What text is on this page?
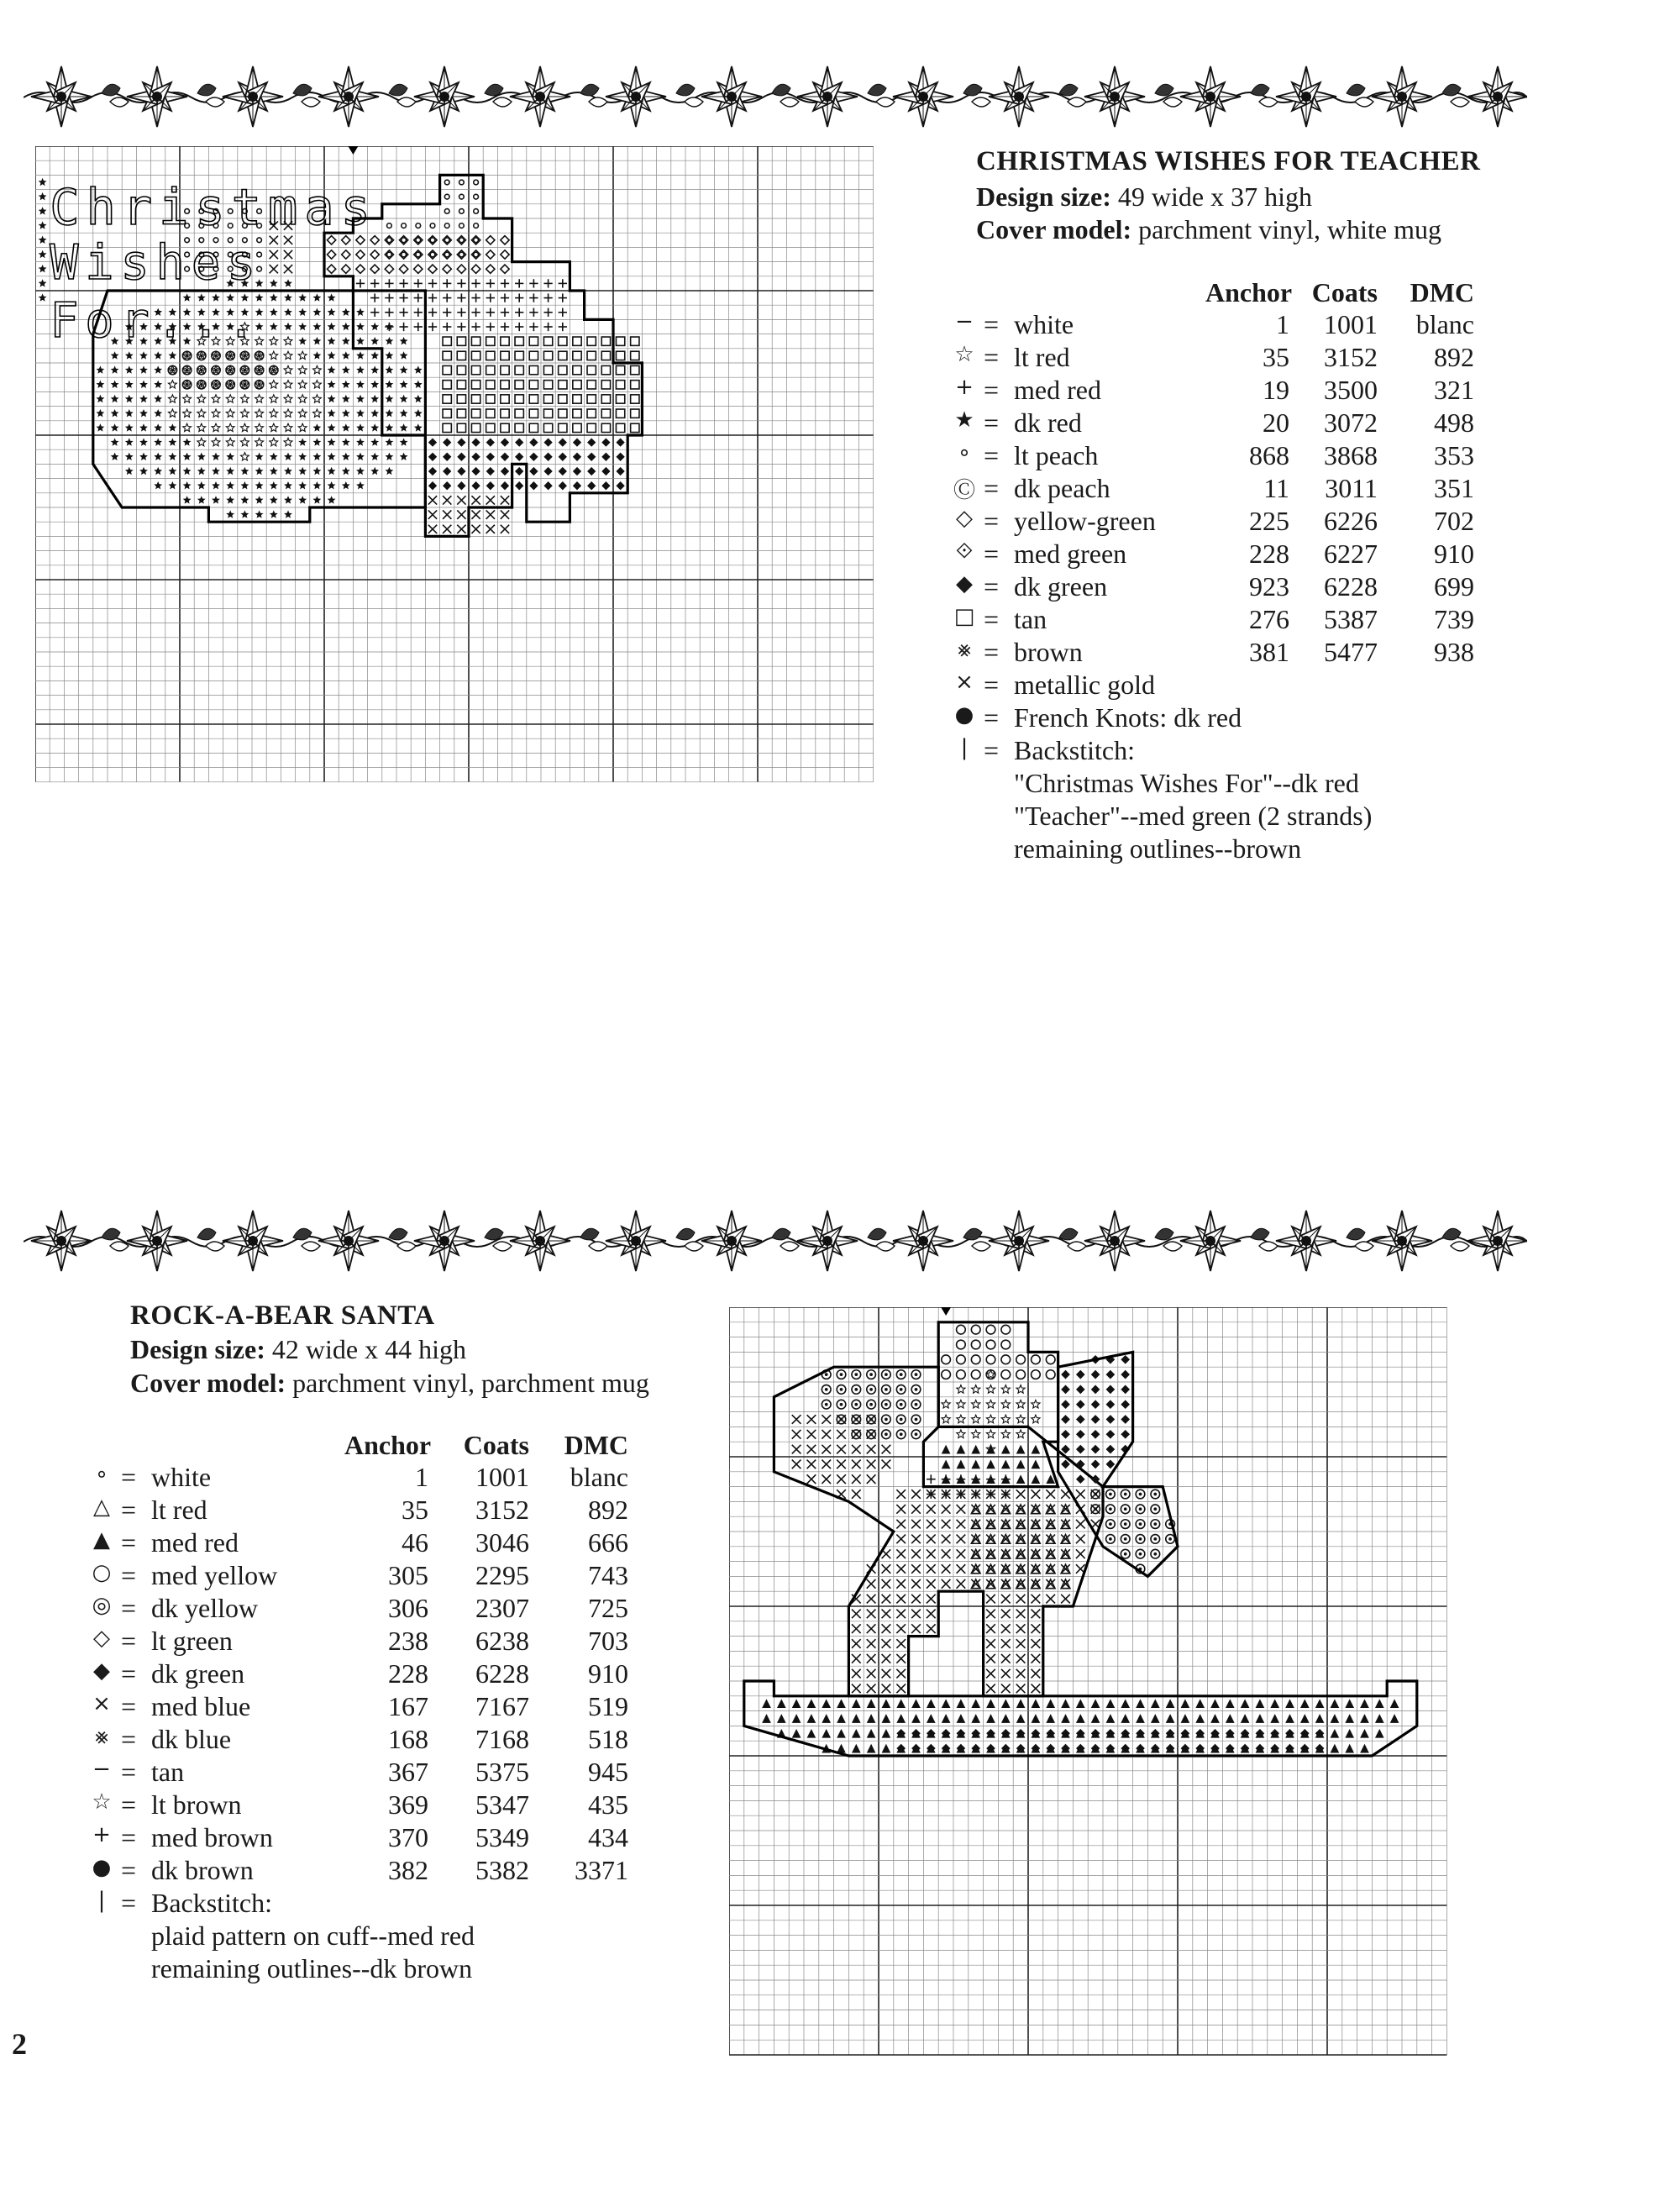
Christmas
Wishes
For...
CHRISTMAS WISHES FOR TEACHER
Design size: 49 wide x 37 high
Cover model: parchment vinyl, white mug
Anchor Coats	DMC
− = white	1	1001	blanc
☆ = lt red	35	3152	892
+ = med red	19	3500	321
★ = dk red	20	3072	498
∘ = lt peach	868	3868	353
Ⓒ = dk peach	11	3011	351
◇ = yellow-green	225	6226	702
⟐ = med green	228	6227	910
◆ = dk green	923	6228	699
□ = tan	276	5387	739
⨳ = brown	381	5477	938
× = metallic gold
● = French Knots: dk red
| = Backstitch:
"Christmas Wishes For"--dk red
"Teacher"--med green (2 strands)
remaining outlines--brown
ROCK-A-BEAR SANTA
Design size: 42 wide x 44 high
Cover model: parchment vinyl, parchment mug
Anchor	Coats	DMC
∘ = white	1	1001	blanc
△ = lt red	35	3152	892
▲ = med red	46	3046	666
○ = med yellow	305	2295	743
◎ = dk yellow	306	2307	725
◇ = lt green	238	6238	703
◆ = dk green	228	6228	910
× = med blue	167	7167	519
⨳ = dk blue	168	7168	518
− = tan	367	5375	945
☆ = lt brown	369	5347	435
+ = med brown	370	5349	434
● = dk brown	382	5382	3371
| = Backstitch:
plaid pattern on cuff--med red
remaining outlines--dk brown
2
